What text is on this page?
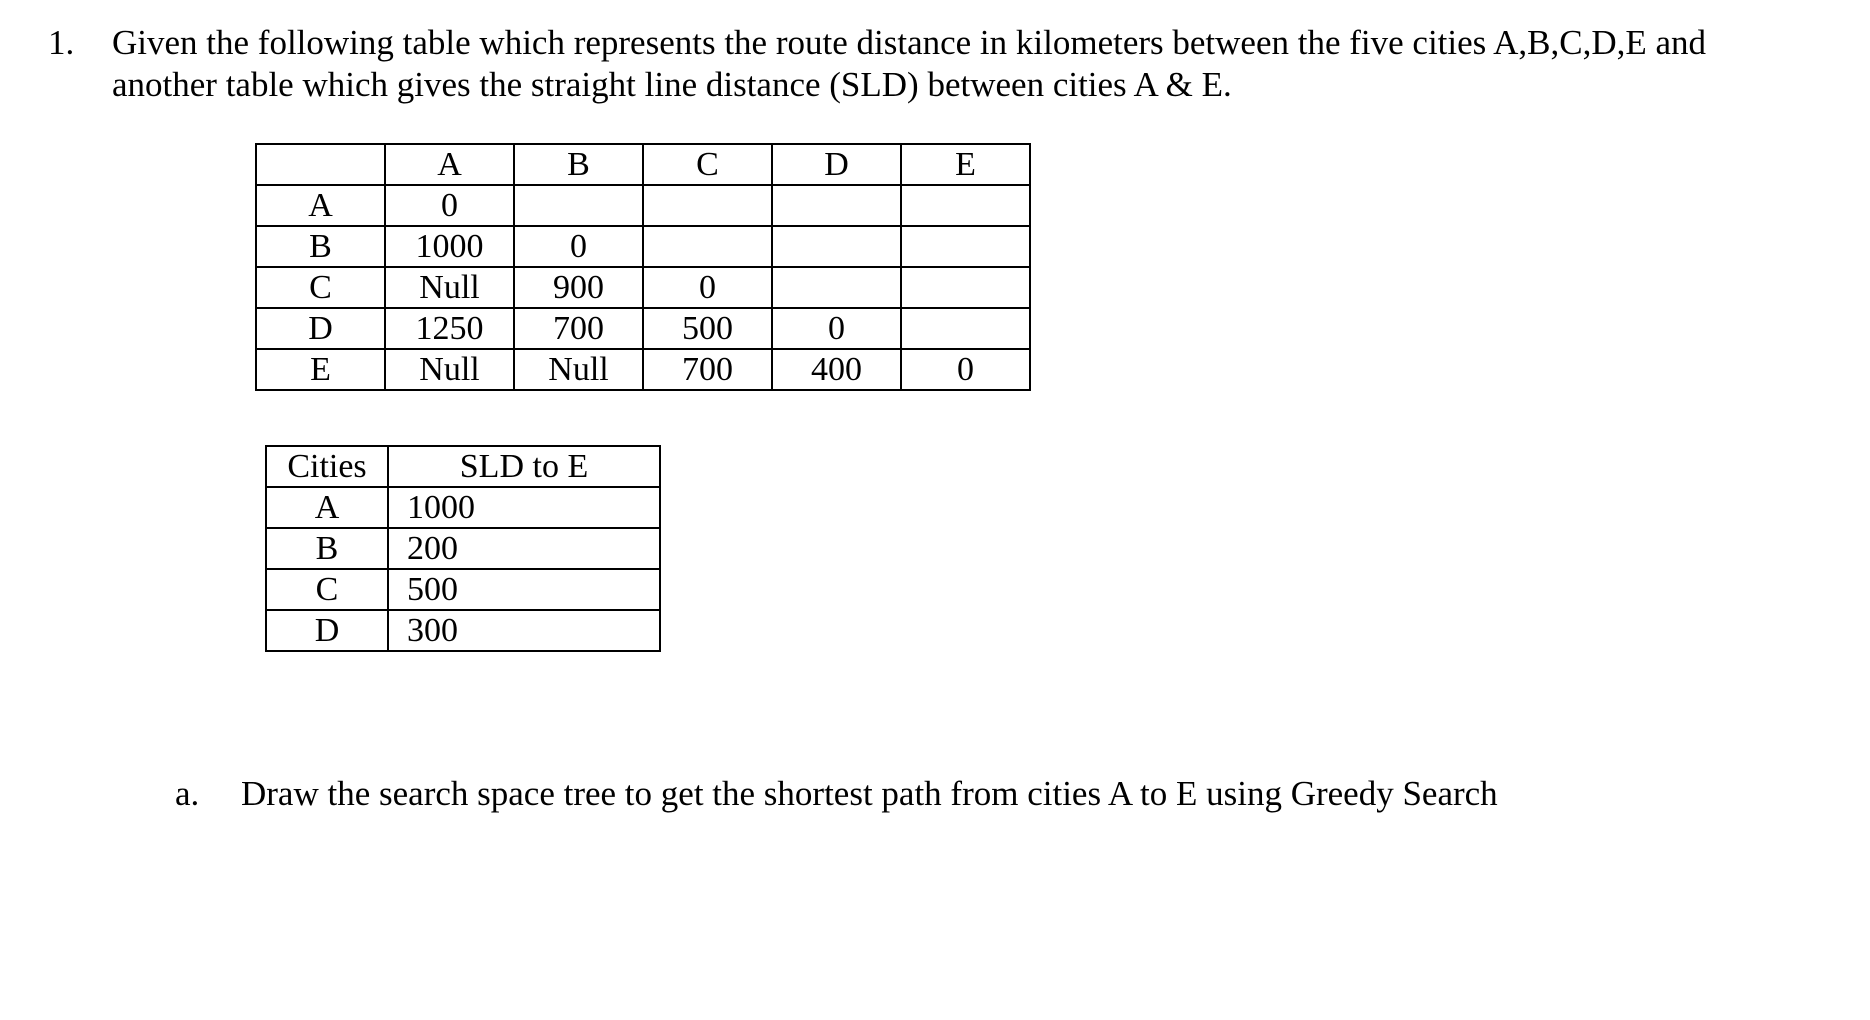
1. Given the following table which represents the route distance in kilometers between the five cities A,B,C,D,E and
another table which gives the straight line distance (SLD) between cities A & E.
	A	B	C	D	E
A	0				
B	1000	0			
C	Null	900	0		
D	1250	700	500	0	
E	Null	Null	700	400	0
Cities	SLD to E
A	1000
B	200
C	500
D	300
a. Draw the search space tree to get the shortest path from cities A to E using Greedy Search
